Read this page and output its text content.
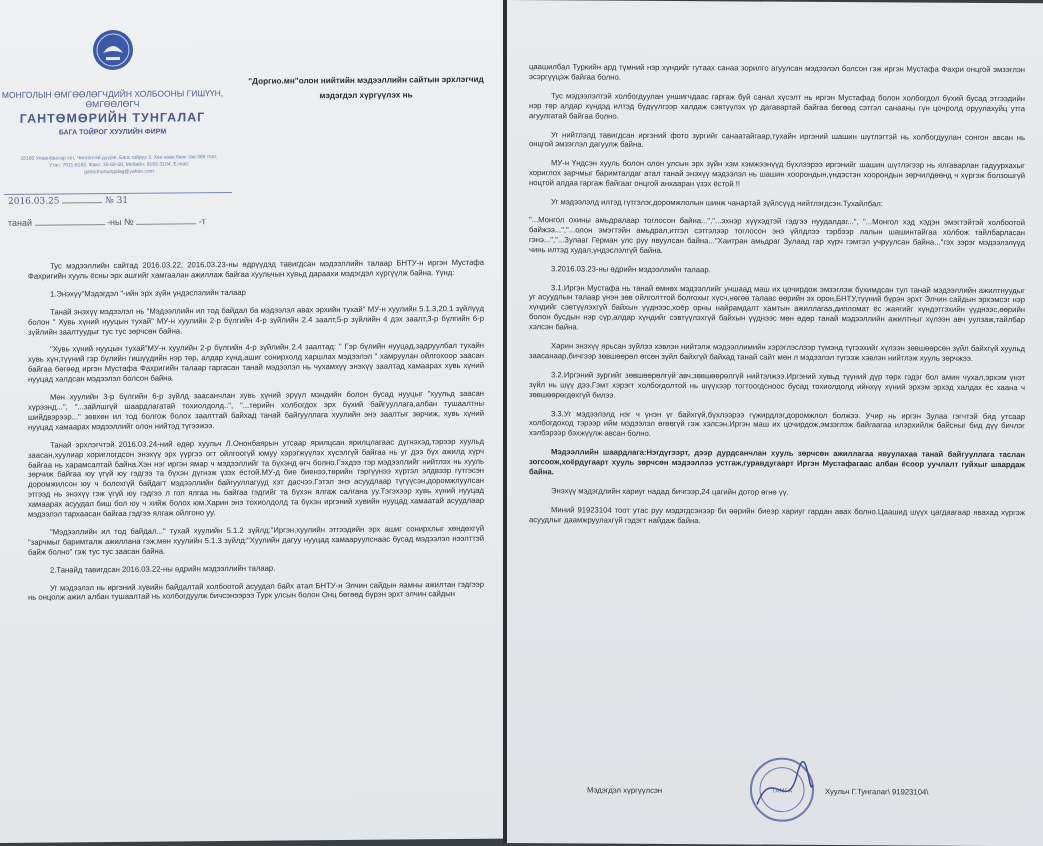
МОНГОЛЫН ӨМГӨӨЛӨГЧДИЙН ХОЛБООНЫ ГИШҮҮН, ӨМГӨӨЛӨГЧ
ГАНТӨМӨРИЙН ТУНГАЛАГ
БАГА ТОЙРОГ ХУУЛИЙН ФИРМ
15160 Улаанбаатар хот, Чингэлтэй дүүрэг, Бага тойруу 3, Хан хаан банк төв 309 тоот, Утас: 7011-6182, Факс: 30-69-58, Мобайл: 9192-3104, E-mail: gantumurtungalag@yahoo.com
2016.03.25	№ 31
танай	-ны №	-т
"Доргио.мн"олон нийтийн мэдээллийн сайтын эрхлэгчид мэдэгдэл хүргүүлэх нь

Тус мэдээллийн сайтад 2016.03.22, 2016.03.23-ны өдрүүдэд тавигдсан мэдээллийн талаар БНТУ-н иргэн Мустафа Фахригийн хууль ёсны эрх ашгийг хамгаалан ажиллаж байгаа хуульчын хувьд дараахи мэдэгдэл хүргүүлж байна. Үүнд:

1.Энэхүү"Мэдэгдэл "-ийн эрх зүйн үндэслэлийн талаар

Танай энэхүү мэдээлэл нь "Мэдээллийн ил тод байдал ба мэдээлэл авах эрхийн тухай" МУ-н хуулийн 5.1.3,20.1 зүйлүүд болон " Хувь хүний нууцын тухай" МУ-н хуулийн 2-р бүлгийн 4-р зүйлийн 2.4 заалт,5-р зүйлийн 4 дэх заалт,3-р бүлгийн 6-р зүйлийн заалтуудыг тус тус зөрчсөн байна.

"Хувь хүний нууцын тухай"МУ-н хуулийн 2-р бүлгийн 4-р зүйлийн 2.4 заалтад: " Гэр бүлийн нууцад,задруулбал тухайн хувь хүн,түүний гэр бүлийн гишүүдийн нэр төр, алдар хүнд,ашиг сонирхолд харшлах мэдээлэл " хамруулан ойлгохоор заасан байгаа бөгөөд иргэн Мустафа Фахригийн талаар гаргасан танай мэдээлэл нь чухамхүү энэхүү заалтад хамаарах хувь хүний нууцад халдсан мэдээлэл болсон байна.

Мөн хуулийн 3-р бүлгийн 6-р зүйлд заасанчлан хувь хүний эрүүл мэндийн болон бусад нууцыг "хуульд заасан хүрээнд...", "...зайлшгүй шаардлагатай тохиолдолд..", "...төрийн холбогдох эрх бүхий байгууллага,албан тушаалтны шийдвэрээр..." зөвхөн ил тод болгож болох заалттай байхад танай байгууллага хуулийн энэ заалтыг зөрчиж, хувь хүний нууцад хамаарах мэдээллийг олон нийтэд түгээжээ.

Танай эрхлэгчтэй 2016.03.24-ний өдөр хуульч Л.Ононбаярын утсаар ярилцсан ярилцлагаас дүгнэхэд,тэрээр хуульд заасан,хуулиар хориглогдсон энэхүү эрх үүргээ огт ойлгоогүй юмуу хэрэгжүүлэх хүсэлгүй байгаа нь уг дээ бүх ажилд хүрч байгаа нь харамсалтай байна.Хэн нэг иргэн ямар ч мэдээллийг та бүхэнд өгч болно.Гэхдээ тэр мэдээллийг нийтлэх нь хууль зөрчиж байгаа юу үгүй юу гэдгээ та бүхэн дүгнэж үзэх ёстой.МУ-д бие биенээ,төрийн тэргүүнээ хүртэл элдвээр гүтгэсэн доромжилсон юу ч болохгүй байдагт мэдээллийн байгууллагууд хэт дасчээ.Гэтэл энэ асуудлаар түгүүсэн,доромжлуулсан этгээд нь энэхүү гэж үгүй юу гэдгээ л гол ялгаа нь байгаа гэдгийг та бүхэн ялгаж салгана уу.Тэгэхээр хувь хүний нууцад хамаарах асуудал биш бол юу ч хийж болох юм.Харин энэ тохиолдолд та бүхэн иргэний хувийн нууцад хамаатай асуудлаар мэдээлэл тархаасан байгаа гэдгээ ялгаж ойлгоно уу.

"Мэдээллийн ил тод байдал..." тухай хуулийн 5.1.2 зүйлд:"Иргэн,хуулийн этгээдийн эрх ашиг сонирхлыг хөндөхгүй "зарчмыг баримталж ажиллана гэж,мөн хуулийн 5.1.3 зүйлд:"Хуулийн дагуу нууцад хамааруулснаас бусад мэдээлэл нээлттэй байж болно" гэж тус тус заасан байна.

2.Танайд тавигдсан 2016.03.22-ны өдрийн мэдээллийн талаар.

Уг мэдээлэл нь иргэний хувийн байдалтай холбоотой асуудал байх атал БНТУ-н Элчин сайдын яамны ажилтан гэдгээр нь онцолж ажил албан тушаалтай нь холбогдуулж бичсэнээрээ Турк улсын болон Онц бөгөөд бүрэн эрхт элчин сайдын

цаашилбал Туркийн ард түмний нэр хүндийг гутаах санаа зорилго агуулсан мэдээлэл болсон гэж иргэн Мустафа Фахри онцгой эмзэглэн эсэргүүцэж байгаа болно.

Тус мэдээлэлтэй холбогдуулан уншигчдаас гаргаж буй санал хүсэлт нь иргэн Мустафад болон холбогдол бүхий бусад этгээдийн нэр төр алдар хүндэд илтэд бүдүүлгээр халдаж сэвтүүлэх үр дагавартай байгаа бөгөөд сэтгэл санааны гүн цочролд оруулахуйц утга агуулгатай байгаа болно.

Уг нийтлэлд тавигдсан иргэний фото зургийг санаатайгаар,тухайн иргэний шашин шүтлэгтэй нь холбогдуулан сонгон авсан нь онцгой эмзэглэл дагуулж байна.

МУ-н Үндсэн хууль болон олон улсын эрх зүйн хэм хэмжээнүүд бүхлээрээ иргэнийг шашин шүтлэгээр нь ялгаварлан гадуурхахыг хориглох зарчмыг баримталдаг атал танай энэхүү мэдээлэл нь шашин хоорондын,үндэстэн хоорондын зөрчилдөөнд ч хүргэж болзошгүй ноцтой алдаа гаргаж байгааг онцгой анхааран үзэх ёстой !!

Уг мэдээлэлд илтэд гүтгэлэг,доромжлолын шинж чанартай зүйлсүүд нийтлэгдсэн.Тухайлбал:

"...Монгол охины амьдралаар тоглосон байна...","...эхнэр хүүхэдтэй гэдгээ нуудалдаг...", "...Монгол хэд хэдэн эмэгтэйтэй холбоотой байжээ...","...олон эмэгтэйн амьдрал,итгэл сэтгэлээр тоглосон энэ үйлдлээ тэрбээр лалын шашинтайгаа холбож тайлбарласан гэнэ...","...Зулааг Герман улс руу явуулсан байна..."Хаитран амьдраг Зулаад гар хүрч гэмтэл учруулсан байна..."гэх зэрэг мэдээлэлүүд чинь илтэд худал,үндэслэлгүй байна.

3.2016.03.23-ны өдрийн мэдээллийн талаар.

3.1.Иргэн Мустафа нь танай өмнөх мэдээллийг уншаад маш их цочирдож эмзэглэж бухимдсан тул танай мэдээллийн ажилтнуудыг уг асуудлын талаар үнэн зөв ойлголттой болгохыг хүсч,нөгөө талаас өөрийн эх орон,БНТУ,түүний бүрэн эрхт Элчин сайдын эрхэмсэг нэр хүндийг сэвтүүлэхгүй байхын үүднээс,хоёр орны найрамдалт хамтын ажиллагаа,дипломат ёс жаягийг хүндэтгэхийн үүднээс,өөрийн болон бусдын нэр сүр,алдар хүндийг сэвтүүлэхгүй байхын үүднээс мөн өдөр танай мэдээллийн ажилтныг хүлээн авч уулзаж,тайлбар хэлсэн байна.

Харин энэхүү ярьсан зүйлээ хэвлэн нийтэлж мэдээллимийн хэрэглэслээр түмэнд түгээхийг хүлээн зөвшөөрсөн зүйл байхгүй хуульд заасанаар,бичгээр зөвшөөрөл өгсөн зүйл байхгүй байхад танай сайт мөн л мэдээлэл түгээж хэвлэн нийтлэж хууль зөрчжээ.

3.2.Иргэний зургийг зөвшөөрөлгүй авч,зөвшөөрөлгүй нийтэлжээ.Иргэний хувьд түүний дүр төрх гэдэг бол амин чухал,эрхэм үнэт зүйл нь шүү дээ.Гэмт хэрэгт холбогдолтой нь шүүхээр тогтоогдсноос бусад тохиолдолд ийнхүү хүний эрхэм эрхэд халдах ёс хаана ч зөвшөөрөгдөхгүй билээ.

3.3.Уг мэдээлэлд нэг ч үнэн үг байхгүй,бүхлээрээ гүжирдлэг,доромжлол болжээ. Учир нь иргэн Зулаа гэгчтэй бид утсаар холбогдоход тэрээр ийм мэдээлэл өгөөгүй гэж хэлсэн.Иргэн маш их цочирдож,эмзэглэж байгаагаа илэрхийлж байсныг бид дүү бичлэг хэлбэрээр бэхжүүлж авсан болно.

Мэдээллийн шаардлага:Нэгдүгээрт, дээр дурдсанчлан хууль зөрчсөн ажиллагаа явуулахаа танай байгууллага таслан зогсоож,хоёрдугаарт хууль зөрчсөн мэдээллээ устгаж,гуравдугаарт Иргэн Мустафагаас албан ёсоор уучлалт гуйхыг шаардаж байна.

Энэхүү мэдэгдлийн хариуг надад бичгээр,24 цагийн дотор өгнө үү.

Миний 91923104 тоот утас руу мэдэгдсэнээр би өөрийн биеэр хариуг гардан авах болно.Цаашид шүүх цагдаагаар явахад хүргэж асуудлыг даамжруулахгүй гэдэгт найдаж байна.

Мэдэгдэл хүргүүлсэн	ТАМГА	Хуульч Г.Тунгалаг\ 91923104\
